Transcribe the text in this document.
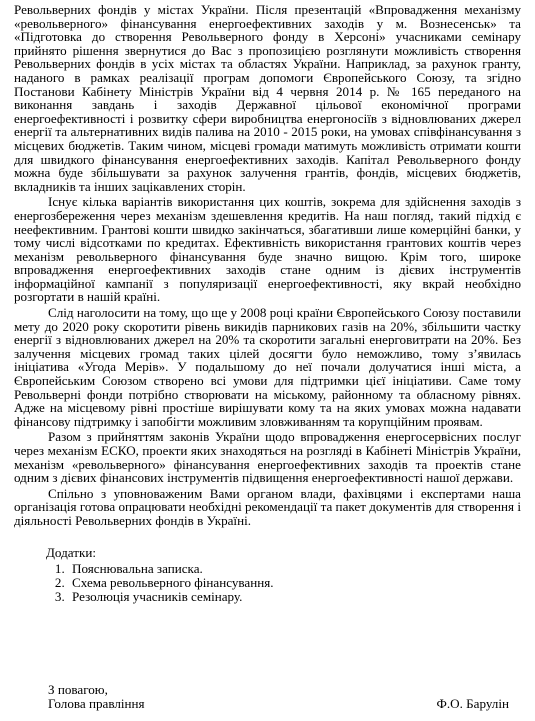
Револьверних фондів у містах України. Після презентацій «Впровадження механізму «револьверного» фінансування енергоефективних заходів у м. Вознесенськ» та «Підготовка до створення Револьверного фонду в Херсоні» учасниками семінару прийнято рішення звернутися до Вас з пропозицією розглянути можливість створення Револьверних фондів в усіх містах та областях України. Наприклад, за рахунок гранту, наданого в рамках реалізації програм допомоги Європейського Союзу, та згідно Постанови Кабінету Міністрів України від 4 червня 2014 р. № 165 переданого на виконання завдань і заходів Державної цільової економічної програми енергоефективності і розвитку сфери виробництва енергоносіїв з відновлюваних джерел енергії та альтернативних видів палива на 2010 - 2015 роки, на умовах співфінансування з місцевих бюджетів. Таким чином, місцеві громади матимуть можливість отримати кошти для швидкого фінансування енергоефективних заходів. Капітал Револьверного фонду можна буде збільшувати за рахунок залучення грантів, фондів, місцевих бюджетів, вкладників та інших зацікавлених сторін.

Існує кілька варіантів використання цих коштів, зокрема для здійснення заходів з енергозбереження через механізм здешевлення кредитів. На наш погляд, такий підхід є неефективним. Грантові кошти швидко закінчаться, збагативши лише комерційні банки, у тому числі відсотками по кредитах. Ефективність використання грантових коштів через механізм револьверного фінансування буде значно вищою. Крім того, широке впровадження енергоефективних заходів стане одним із дієвих інструментів інформаційної кампанії з популяризації енергоефективності, яку вкрай необхідно розгортати в нашій країні.

Слід наголосити на тому, що ще у 2008 році країни Європейського Союзу поставили мету до 2020 року скоротити рівень викидів парникових газів на 20%, збільшити частку енергії з відновлюваних джерел на 20% та скоротити загальні енерговитрати на 20%. Без залучення місцевих громад таких цілей досягти було неможливо, тому з’явилась ініціатива «Угода Мерів». У подальшому до неї почали долучатися інші міста, а Європейським Союзом створено всі умови для підтримки цієї ініціативи. Саме тому Револьверні фонди потрібно створювати на міському, районному та обласному рівнях. Адже на місцевому рівні простіше вирішувати кому та на яких умовах можна надавати фінансову підтримку і запобігти можливим зловживанням та корупційним проявам.

Разом з прийняттям законів України щодо впровадження енергосервісних послуг через механізм ЕСКО, проекти яких знаходяться на розгляді в Кабінеті Міністрів України, механізм «револьверного» фінансування енергоефективних заходів та проектів стане одним з дієвих фінансових інструментів підвищення енергоефективності нашої держави.

Спільно з уповноваженим Вами органом влади, фахівцями і експертами наша організація готова опрацювати необхідні рекомендації та пакет документів для створення і діяльності Револьверних фондів в Україні.

Додатки:

1. Пояснювальна записка.
2. Схема револьверного фінансування.
3. Резолюція учасників семінару.
З повагою,
Голова правління	Ф.О. Барулін
